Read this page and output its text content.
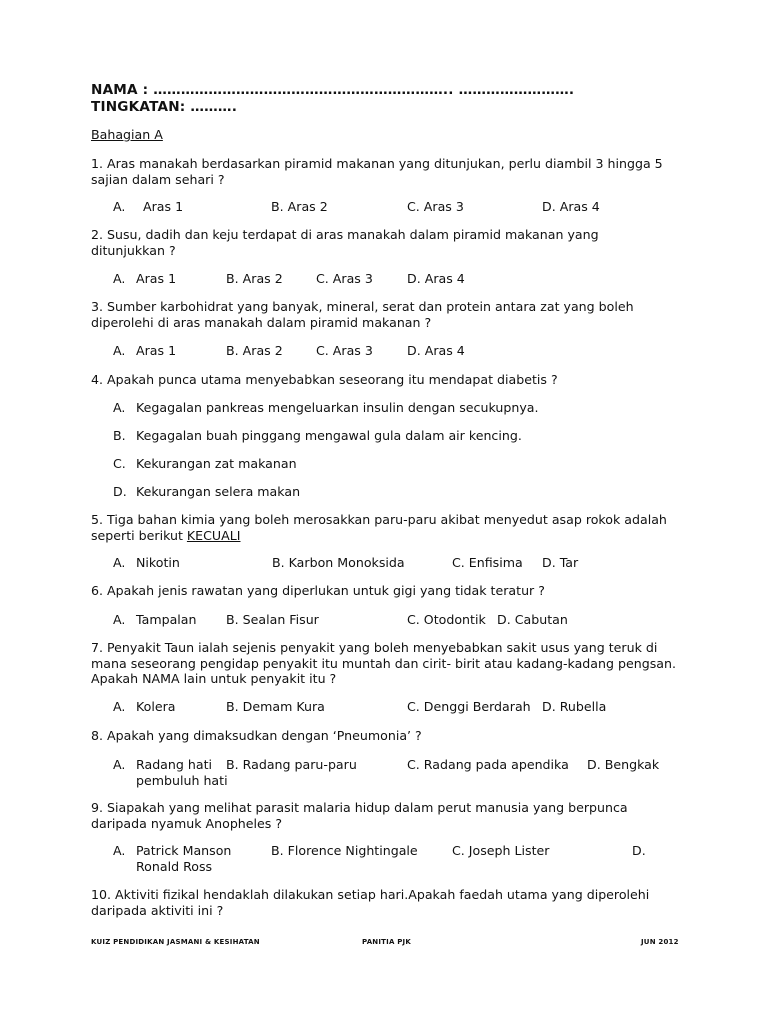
NAMA : ……………………………………………………….. …………………….
TINGKATAN: ……….
Bahagian A
1. Aras manakah berdasarkan piramid makanan yang ditunjukan, perlu diambil 3 hingga 5
sajian dalam sehari ?
A. Aras 1	B. Aras 2	C. Aras 3	D. Aras 4
2. Susu, dadih dan keju terdapat di aras manakah dalam piramid makanan yang
ditunjukkan ?
A. Aras 1	B. Aras 2	C. Aras 3	D. Aras 4
3. Sumber karbohidrat yang banyak, mineral, serat dan protein antara zat yang boleh
diperolehi di aras manakah dalam piramid makanan ?
A. Aras 1	B. Aras 2	C. Aras 3	D. Aras 4
4. Apakah punca utama menyebabkan seseorang itu mendapat diabetis ?
A. Kegagalan pankreas mengeluarkan insulin dengan secukupnya.
B. Kegagalan buah pinggang mengawal gula dalam air kencing.
C. Kekurangan zat makanan
D. Kekurangan selera makan
5. Tiga bahan kimia yang boleh merosakkan paru-paru akibat menyedut asap rokok adalah
seperti berikut KECUALI
A. Nikotin	B. Karbon Monoksida	C. Enfisima D. Tar
6. Apakah jenis rawatan yang diperlukan untuk gigi yang tidak teratur ?
A. Tampalan B. Sealan Fisur	C. Otodontik D. Cabutan
7. Penyakit Taun ialah sejenis penyakit yang boleh menyebabkan sakit usus yang teruk di
mana seseorang pengidap penyakit itu muntah dan cirit- birit atau kadang-kadang pengsan.
Apakah NAMA lain untuk penyakit itu ?
A. Kolera	B. Demam Kura	C. Denggi Berdarah D. Rubella
8. Apakah yang dimaksudkan dengan ‘Pneumonia’ ?
A. Radang hati B. Radang paru-paru	C. Radang pada apendika D. Bengkak
pembuluh hati
9. Siapakah yang melihat parasit malaria hidup dalam perut manusia yang berpunca
daripada nyamuk Anopheles ?
A. Patrick Manson	B. Florence Nightingale	C. Joseph Lister	D.
Ronald Ross
10. Aktiviti fizikal hendaklah dilakukan setiap hari.Apakah faedah utama yang diperolehi
daripada aktiviti ini ?
KUIZ PENDIDIKAN JASMANI & KESIHATAN	PANITIA PJK	JUN 2012
